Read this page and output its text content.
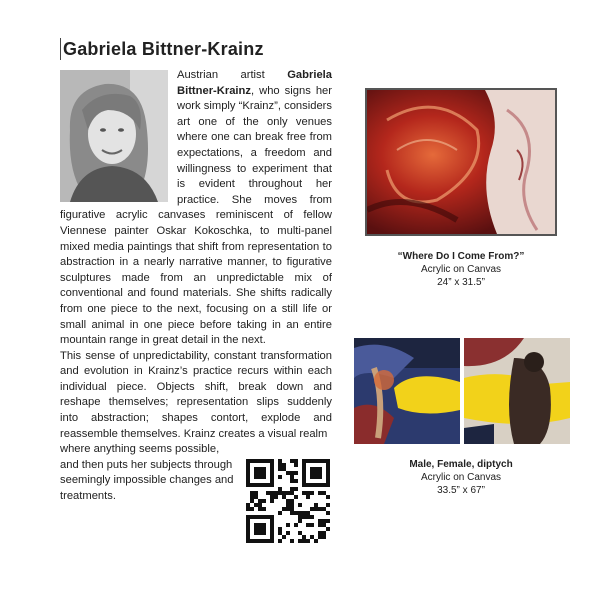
Gabriela Bittner-Krainz

Austrian artist Gabriela Bittner-Krainz, who signs her work simply “Krainz”, considers art one of the only venues where one can break free from expectations, a freedom and willingness to experiment that is evident throughout her practice. She moves from figurative acrylic canvases reminiscent of fellow Viennese painter Oskar Kokoschka, to multi-panel mixed media paintings that shift from representation to abstraction in a nearly narrative manner, to figurative sculptures made from an unpredictable mix of conventional and found materials. She shifts radically from one piece to the next, focusing on a still life or small animal in one piece before taking in an entire mountain range in great detail in the next.

This sense of unpredictability, constant transformation and evolution in Krainz’s practice recurs within each individual piece. Objects shift, break down and reshape themselves; representation slips suddenly into abstraction; shapes contort, explode and reassemble themselves. Krainz creates a visual realm

where anything seems possible, and then puts her subjects through seemingly impossible changes and treatments.

“Where Do I Come From?”
Acrylic on Canvas
24” x 31.5”
Male, Female, diptych
Acrylic on Canvas
33.5” x 67”
